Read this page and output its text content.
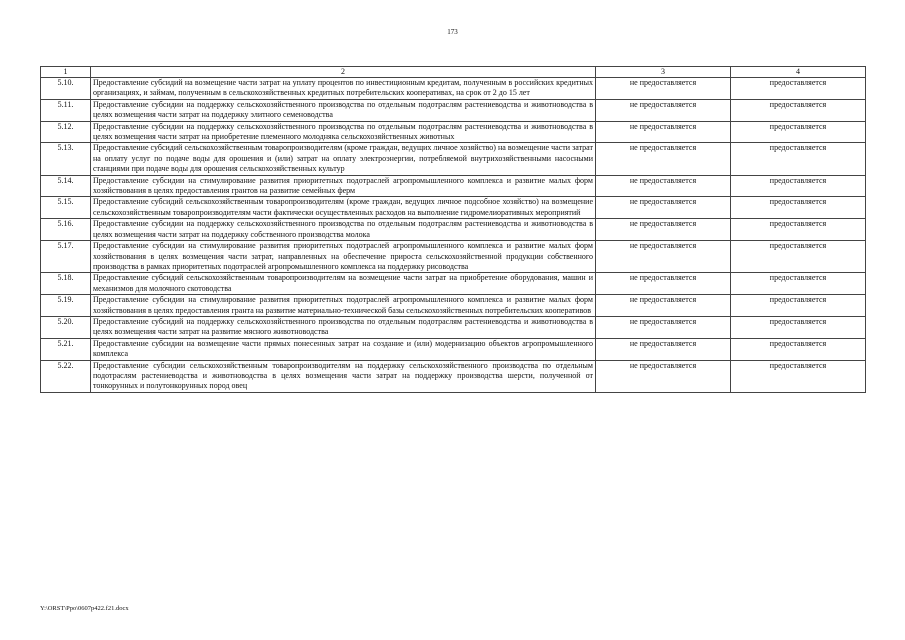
173
1	2	3	4
5.10.	Предоставление субсидий на возмещение части затрат на уплату процентов по инвестиционным кредитам, полученным в российских кредитных организациях, и займам, полученным в сельскохозяйственных кредитных потребительских кооперативах, на срок от 2 до 15 лет	не предоставляется	предоставляется
5.11.	Предоставление субсидии на поддержку сельскохозяйственного производства по отдельным подотраслям растениеводства и животноводства в целях возмещения части затрат на поддержку элитного семеноводства	не предоставляется	предоставляется
5.12.	Предоставление субсидии на поддержку сельскохозяйственного производства по отдельным подотраслям растениеводства и животноводства в целях возмещения части затрат на приобретение племенного молодняка сельскохозяйственных животных	не предоставляется	предоставляется
5.13.	Предоставление субсидий сельскохозяйственным товаропроизводителям (кроме граждан, ведущих личное хозяйство) на возмещение части затрат на оплату услуг по подаче воды для орошения и (или) затрат на оплату электроэнергии, потребляемой внутрихозяйственными насосными станциями при подаче воды для орошения сельскохозяйственных культур	не предоставляется	предоставляется
5.14.	Предоставление субсидии на стимулирование развития приоритетных подотраслей агропромышленного комплекса и развитие малых форм хозяйствования в целях предоставления грантов на развитие семейных ферм	не предоставляется	предоставляется
5.15.	Предоставление субсидий сельскохозяйственным товаропроизводителям (кроме граждан, ведущих личное подсобное хозяйство) на возмещение сельскохозяйственным товаропроизводителям части фактически осуществленных расходов на выполнение гидромелиоративных мероприятий	не предоставляется	предоставляется
5.16.	Предоставление субсидии на поддержку сельскохозяйственного производства по отдельным подотраслям растениеводства и животноводства в целях возмещения части затрат на поддержку собственного производства молока	не предоставляется	предоставляется
5.17.	Предоставление субсидии на стимулирование развития приоритетных подотраслей агропромышленного комплекса и развитие малых форм хозяйствования в целях возмещения части затрат, направленных на обеспечение прироста сельскохозяйственной продукции собственного производства в рамках приоритетных подотраслей агропромышленного комплекса на поддержку рисоводства	не предоставляется	предоставляется
5.18.	Предоставление субсидий сельскохозяйственным товаропроизводителям на возмещение части затрат на приобретение оборудования, машин и механизмов для молочного скотоводства	не предоставляется	предоставляется
5.19.	Предоставление субсидии на стимулирование развития приоритетных подотраслей агропромышленного комплекса и развитие малых форм хозяйствования в целях предоставления гранта на развитие материально-технической базы сельскохозяйственных потребительских кооперативов	не предоставляется	предоставляется
5.20.	Предоставление субсидий на поддержку сельскохозяйственного производства по отдельным подотраслям растениеводства и животноводства в целях возмещения части затрат на развитие мясного животноводства	не предоставляется	предоставляется
5.21.	Предоставление субсидии на возмещение части прямых понесенных затрат на создание и (или) модернизацию объектов агропромышленного комплекса	не предоставляется	предоставляется
5.22.	Предоставление субсидии сельскохозяйственным товаропроизводителям на поддержку сельскохозяйственного производства по отдельным подотраслям растениеводства и животноводства в целях возмещения части затрат на поддержку производства шерсти, полученной от тонкорунных и полутонкорунных пород овец	не предоставляется	предоставляется
Y:\ORST\Ppo\0607p422.f21.docx
